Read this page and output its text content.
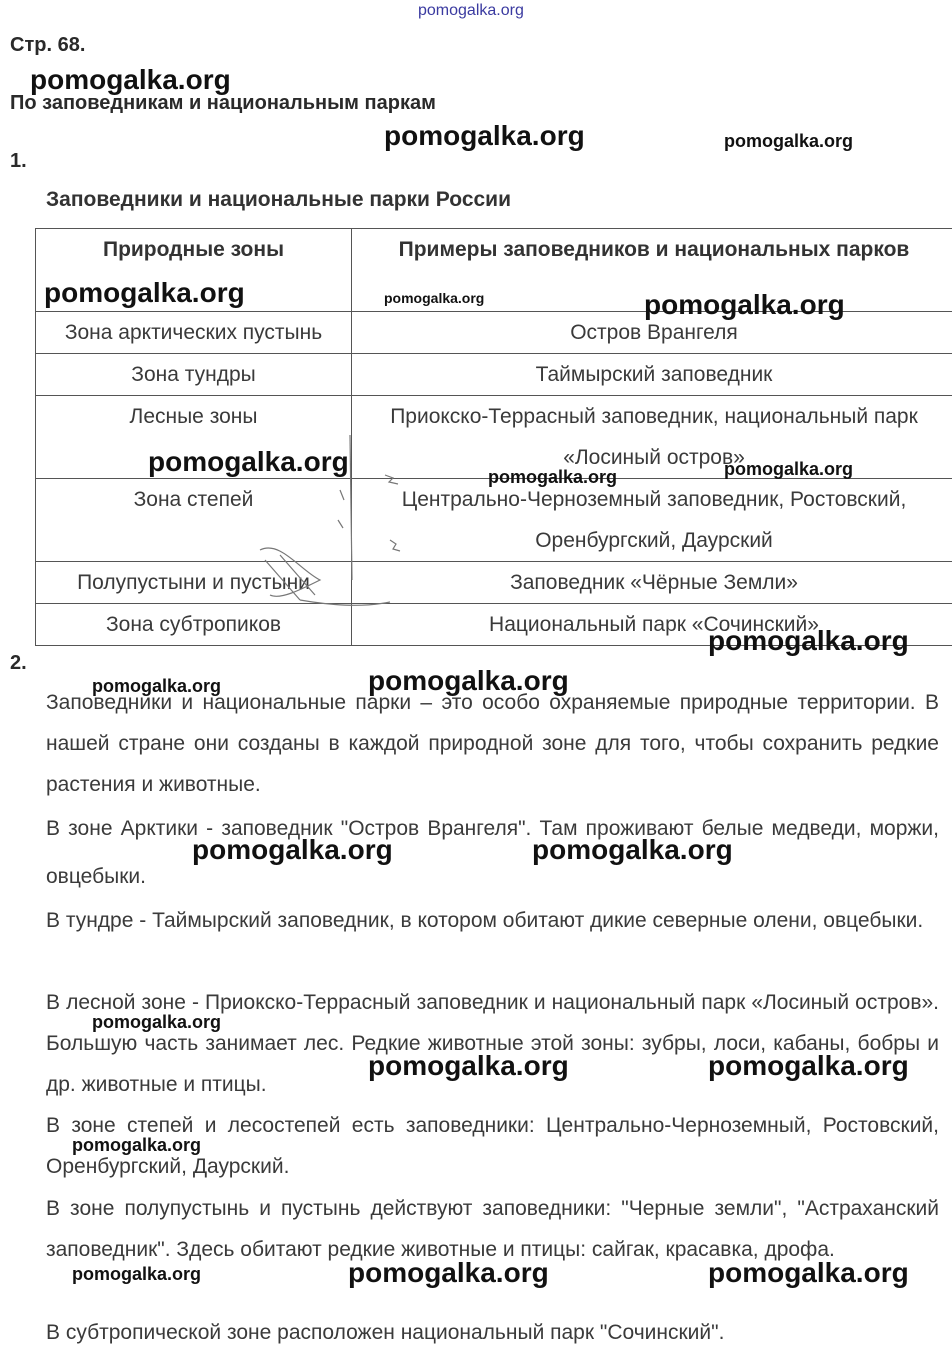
pomogalka.org
Стр. 68.
По заповедникам и национальным паркам
1.
Заповедники и национальные парки России
Природные зоны	Примеры заповедников и национальных парков
Зона арктических пустынь	Остров Врангеля
Зона тундры	Таймырский заповедник
Лесные зоны	Приокско-Террасный заповедник, национальный парк «Лосиный остров»
Зона степей	Центрально-Черноземный заповедник, Ростовский, Оренбургский, Даурский
Полупустыни и пустыни	Заповедник «Чёрные Земли»
Зона субтропиков	Национальный парк «Сочинский»
2.

Заповедники и национальные парки – это особо охраняемые природные территории. В нашей стране они созданы в каждой природной зоне для того, чтобы сохранить редкие растения и животные.

В зоне Арктики - заповедник "Остров Врангеля". Там проживают белые медведи, моржи, овцебыки.

В тундре - Таймырский заповедник, в котором обитают дикие северные олени, овцебыки.

В лесной зоне - Приокско-Террасный заповедник и национальный парк «Лосиный остров». Большую часть занимает лес. Редкие животные этой зоны: зубры, лоси, кабаны, бобры и др. животные и птицы.

В зоне степей и лесостепей есть заповедники: Центрально-Черноземный, Ростовский, Оренбургский, Даурский.

В зоне полупустынь и пустынь действуют заповедники: "Черные земли", "Астраханский заповедник". Здесь обитают редкие животные и птицы: сайгак, красавка, дрофа.

В субтропической зоне расположен национальный парк "Сочинский".

pomogalka.org
pomogalka.org	pomogalka.org
pomogalka.org	pomogalka.org	pomogalka.org
pomogalka.org	pomogalka.org	pomogalka.org
pomogalka.org
pomogalka.org	pomogalka.org
pomogalka.org	pomogalka.org
pomogalka.org
pomogalka.org	pomogalka.org
pomogalka.org
pomogalka.org	pomogalka.org	pomogalka.org
